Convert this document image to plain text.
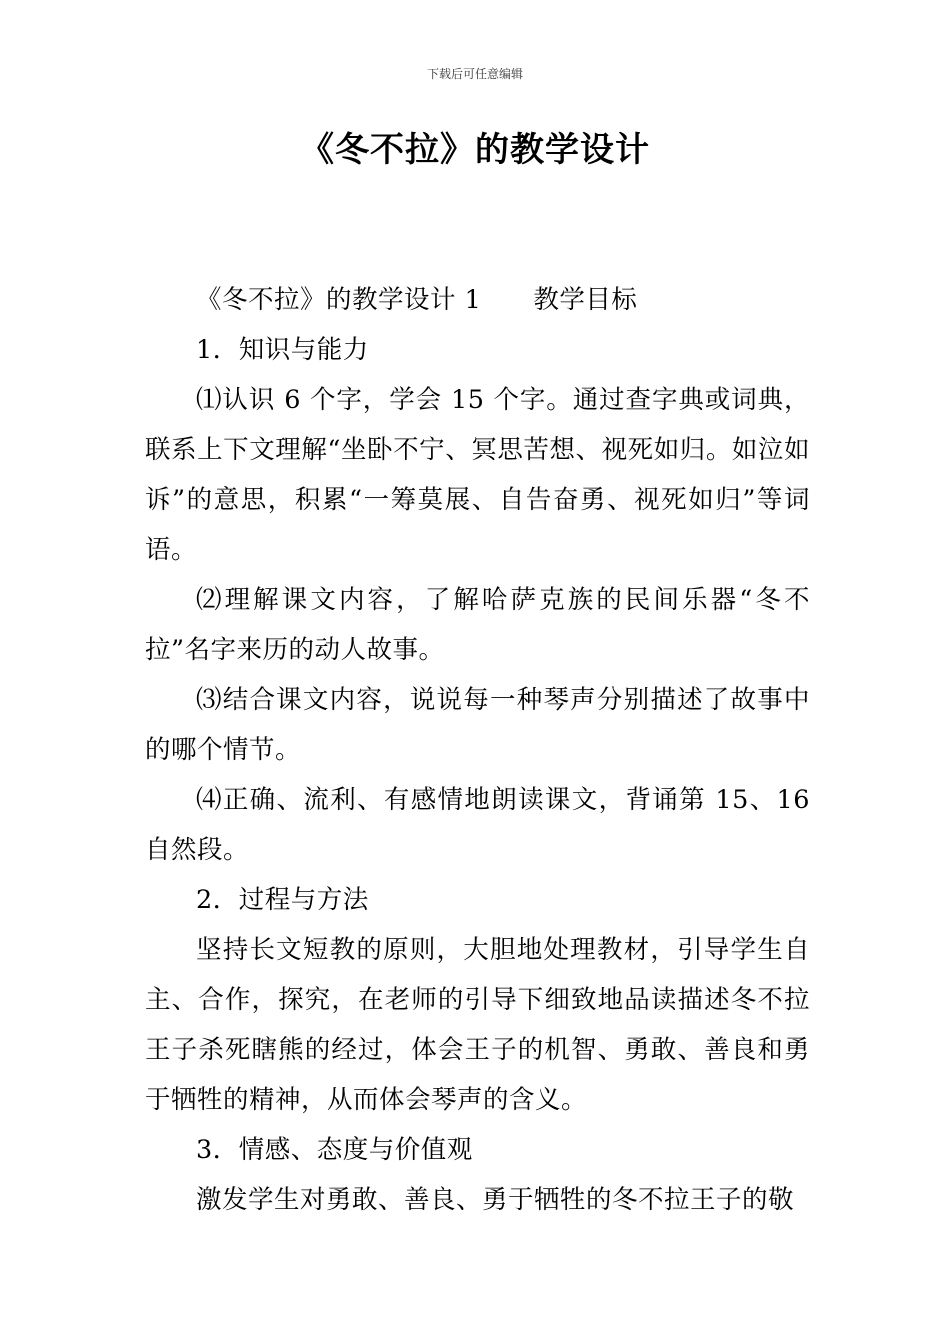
下载后可任意编辑
《冬不拉》的教学设计

《冬不拉》的教学设计 1 教学目标

1．知识与能力

⑴认识 6 个字，学会 15 个字。通过查字典或词典，联系上下文理解“坐卧不宁、冥思苦想、视死如归。如泣如诉”的意思，积累“一筹莫展、自告奋勇、视死如归”等词语。

⑵理解课文内容，了解哈萨克族的民间乐器“冬不拉”名字来历的动人故事。

⑶结合课文内容，说说每一种琴声分别描述了故事中的哪个情节。

⑷正确、流利、有感情地朗读课文，背诵第 15、16 自然段。

2．过程与方法

坚持长文短教的原则，大胆地处理教材，引导学生自主、合作，探究，在老师的引导下细致地品读描述冬不拉王子杀死瞎熊的经过，体会王子的机智、勇敢、善良和勇于牺牲的精神，从而体会琴声的含义。

3．情感、态度与价值观

激发学生对勇敢、善良、勇于牺牲的冬不拉王子的敬
